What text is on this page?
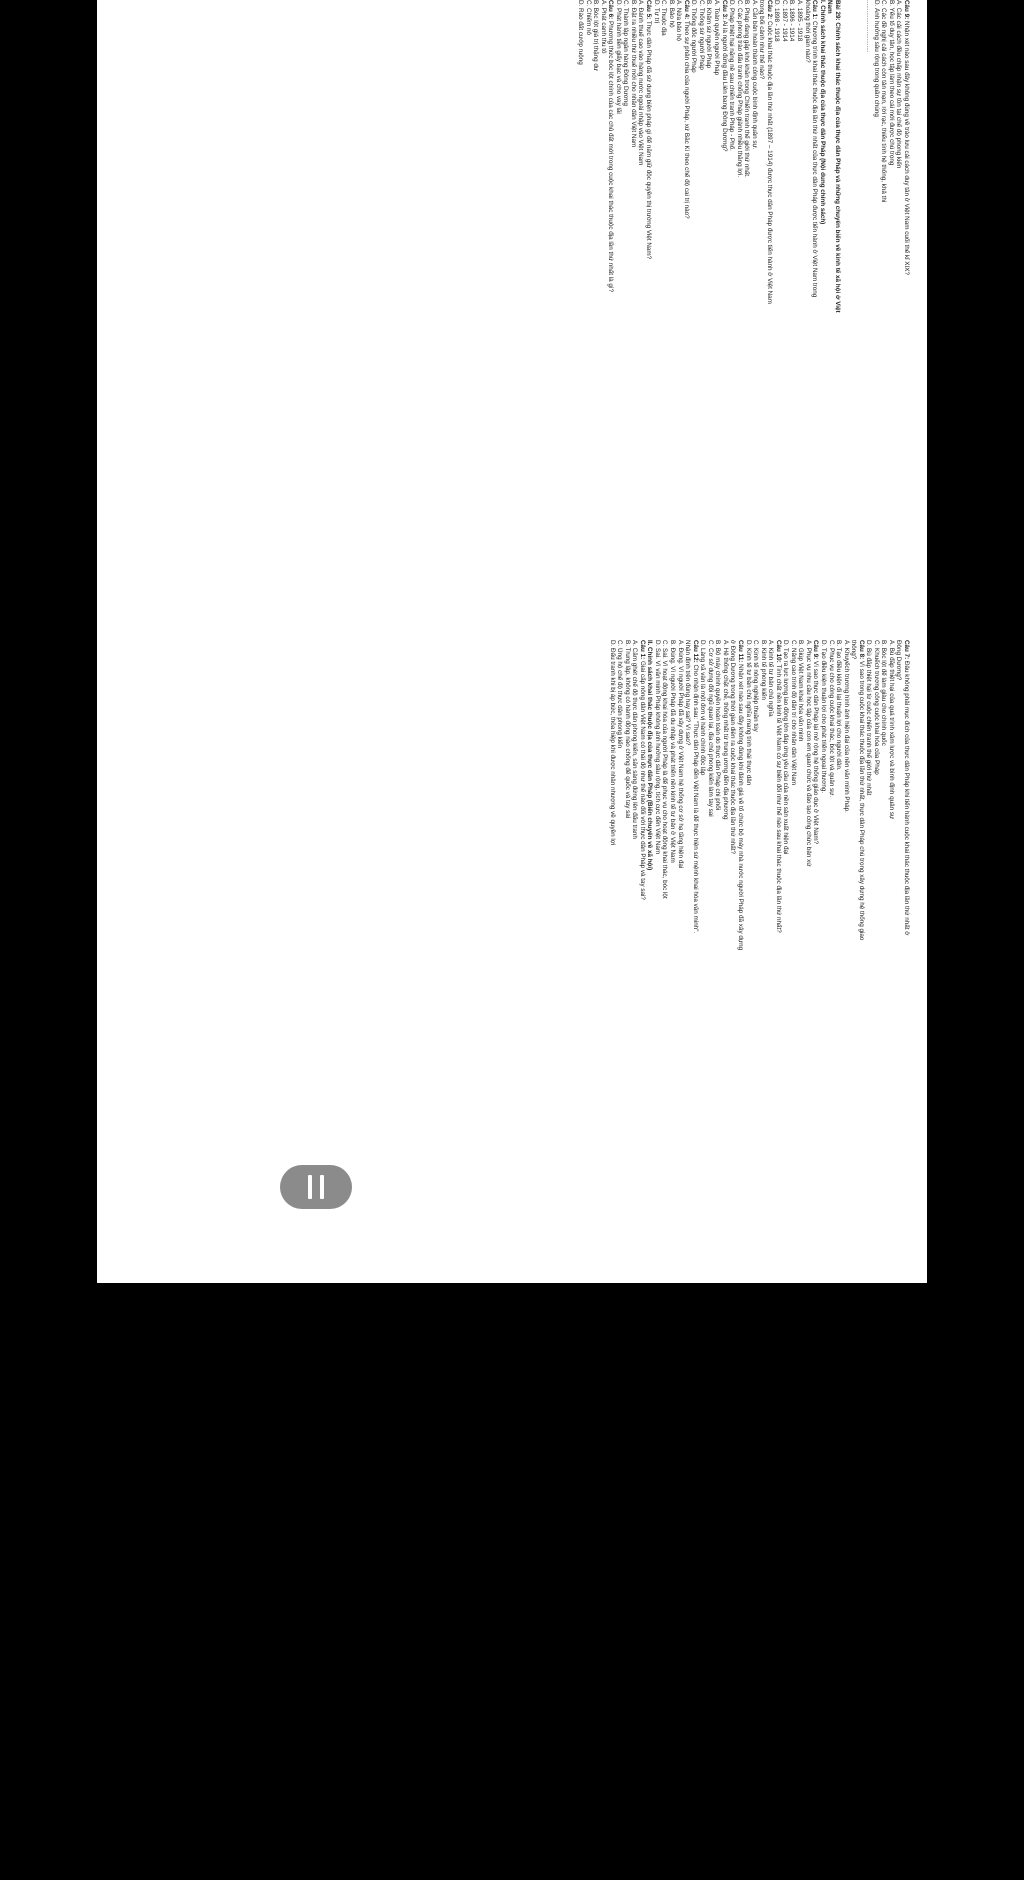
Câu 9: Nhận xét nào sau đây không đúng về trào lưu cải cách duy tân ở Việt Nam cuối thế kỉ XIX?

A. Các cải cách đều chấp nhận sự tồn tại chế độ phong kiến

B. Yếu tố duy tân, học tập làm theo cái mới được chú trọng

C. Các đề nghị cải cách còn tản mạn, rời rạc, thiếu tính hệ thống, khả thi

D. Ảnh hưởng sâu rộng trong quần chúng

..............................

Bài 29: Chính sách khai thác thuộc địa của thực dân Pháp và những chuyển biến về kinh tế xã hội ở Việt

Nam

I. Chính sách khai thác thuộc địa của thực dân Pháp (Nội dung chính sách)

Câu 1: Chương trình khai thác thuộc địa lần thứ nhất của thực dân Pháp được tiến hành ở Việt Nam trong

khoảng thời gian nào?

A. 1895 - 1918

B. 1896 - 1914

C. 1897 - 1914

D. 1898 - 1918

Câu 2: Cuộc khai thác thuộc địa lần thứ nhất (1897 – 1914) được thực dân Pháp được tiến hành ở Việt Nam

trong bối cảnh như thế nào?

A. Căn bản hoàn thành công cuộc bình định quân sự.

B. Pháp đang gặp khó khăn trong Chiến tranh thế giới thứ nhất.

C. Các phong trào đấu tranh chống Pháp giành nhiều thắng lợi.

D. Pháp thiệt hại nặng nề sau chiến tranh Pháp - Phổ.

Câu 3: Ai là người đứng đầu Liên bang Đông Dương?

A. Toàn quyền người Pháp

B. Khâm sứ người Pháp

C. Thống sứ người Pháp

D. Thống đốc người Pháp

Câu 4: Theo sự phân chia của người Pháp, xứ Bắc Kì theo chế độ cai trị nào?

A. Nửa bảo hộ

B. Bảo hộ

C. Thuộc địa

D. Tự trị

Câu 5: Thực dân Pháp đã sử dụng biện pháp gì để nắm giữ độc quyền thị trường Việt Nam?

A. Đánh thuế cao vào hàng nước ngoài nhập vào Việt Nam

B. Đặt ra nhiều thứ thuế mới cho nhân dân Việt Nam

C. Thành lập ngân hàng Đông Dương

D. Phát hành tiền giấy bạc và cho vay lãi

Câu 6: Phương thức bóc lột chính của các chủ đất mới trong cuộc khai thác thuộc địa lần thứ nhất là gì?

A. Phát canh thu tô

B. Bóc lột giá trị thặng dư

C. Chiếm nô

D. Rào đất cướp ruộng

Câu 7: Đâu không phải mục đích của thực dân Pháp khi tiến hành cuộc khai thác thuộc địa lần thứ nhất ở

Đông Dương?

A. Bù đắp thiệt hại của quá trình xâm lược và bình định quân sự

B. Bóc lột để làm giàu cho chính quốc

C. Khuếch trương công cuộc khai hóa của Pháp

D. Bù đắp thiệt hại từ cuộc chiến tranh thế giới thứ nhất

Câu 8: Vì sao trong cuộc khai thác thuộc địa lần thứ nhất, thực dân Pháp chú trọng xây dựng hệ thống giao

thông?

A. Khuyếch trương hình ảnh hiện đại của nền văn minh Pháp.

B. Tạo điều kiện đi lại thuận lợi cho người dân.

C. Phục vụ cho công cuộc khai thác, bóc lột và quân sự.

D. Tạo điều kiện thuận lợi cho phát triển ngoại thương.

Câu 9: Vì sao thực dân Pháp lại mở rộng hệ thống giáo dục ở Việt Nam?

A. Phục vụ nhu cầu học tập của con em quan chức và đào tạo công chức bản xứ

B. Giúp Việt Nam khai hóa văn minh

C. Nâng cao trình độ dân trí cho nhân dân Việt Nam

D. Tạo ra lực lượng lao động lớn đáp ứng yêu cầu của nền sản xuất hiện đại

Câu 10: Tính chất nền kinh tế Việt Nam có sự biến đổi như thế nào sau khai thác thuộc địa lần thứ nhất?

A. Kinh tế tư bản chủ nghĩa

B. Kinh tế phong kiến

C. Kinh tế nông nghiệp thuần túy

D. Kinh tế tư bản chủ nghĩa mang tính thái thực dân

Câu 11: Nhận xét nào sau đây không đúng khi đánh giá về tổ chức bộ máy nhà nước người Pháp đã xây dựng

ở Đông Dương trong thời gian diễn ra cuộc khai thác thuộc địa lần thứ nhất?

A. Hệ thống chặt chẽ, thống nhất từ trung ương đến địa phương

B. Bộ máy chính quyền hoàn toàn do thực dân Pháp chi phối

C. Cơ sở dựng đội ngũ quan lại, địa chủ phong kiến làm tay sai

D. Làng xã vẫn là một đơn vị hành chính độc lập

Câu 12: Cho nhận định sau: "Thực dân Pháp đến Việt Nam là để thực hiện sứ mệnh khai hóa văn minh".

Nhận định trên đúng hay sai? Vì sao?

A. Đúng. Vì người Pháp đã xây dựng ở Việt Nam hệ thống cơ sở hạ tầng hiện đại

B. Đúng. Vì người Pháp đã du nhập và phát triển nền kinh tế tư bản ở Việt Nam

C. Sai. Vì hoạt động khai hóa của người Pháp là để phục vụ cho hoạt động khai thác, bóc lột

D. Sai. Vì văn minh Pháp không ảnh hưởng sâu rộng, tích cực đến Việt Nam

II. Chính sách khai thác thuộc địa của thực dân Pháp (Biến chuyển về xã hội)

Câu 1: Giai cấp nông dân Việt Nam có thái độ như thế nào đối với thực dân Pháp và tay sai?

A. Căm ghét chế độ thực dân phong kiến, sẵn sàng đứng lên đấu tranh

B. Trung lập, không có hành động nào chống đế quốc và tay sai

C. Ủng hộ chế độ thực dân phong kiến

D. Đấu tranh khi bị áp bức, thỏa hiệp khi được nhân nhượng về quyền lợi
